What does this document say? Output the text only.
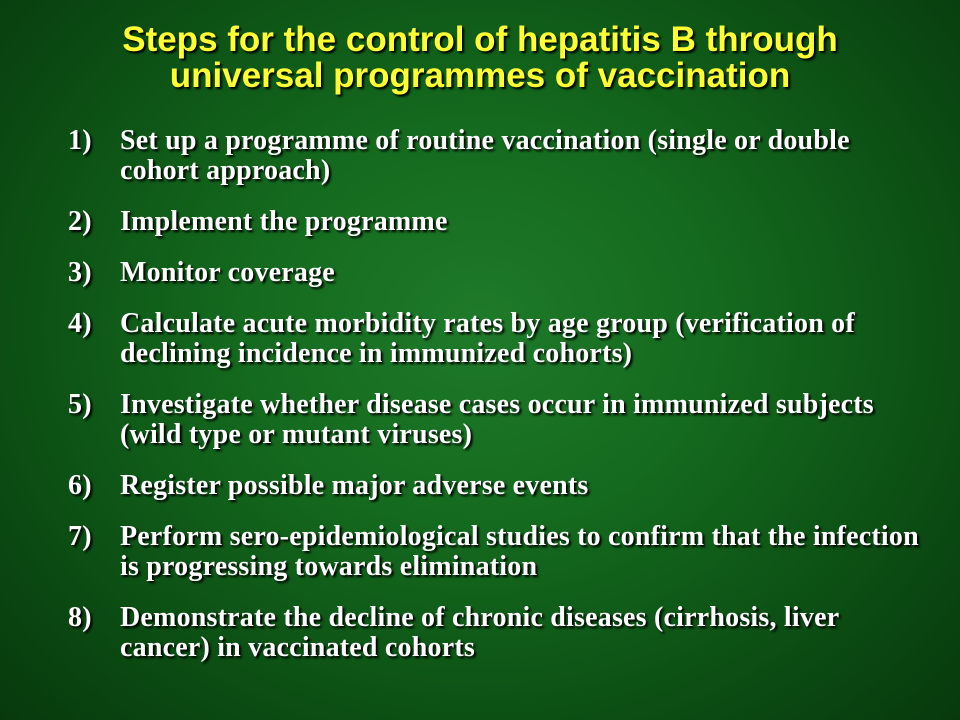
Steps for the control of hepatitis B through
universal programmes of vaccination
1)	Set up a programme of routine vaccination (single or double cohort approach)
2)	Implement the programme
3)	Monitor coverage
4)	Calculate acute morbidity rates by age group (verification of declining incidence in immunized cohorts)
5)	Investigate whether disease cases occur in immunized subjects (wild type or mutant viruses)
6)	Register possible major adverse events
7)	Perform sero-epidemiological studies to confirm that the infection is progressing towards elimination
8)	Demonstrate the decline of chronic diseases (cirrhosis, liver cancer) in vaccinated cohorts
